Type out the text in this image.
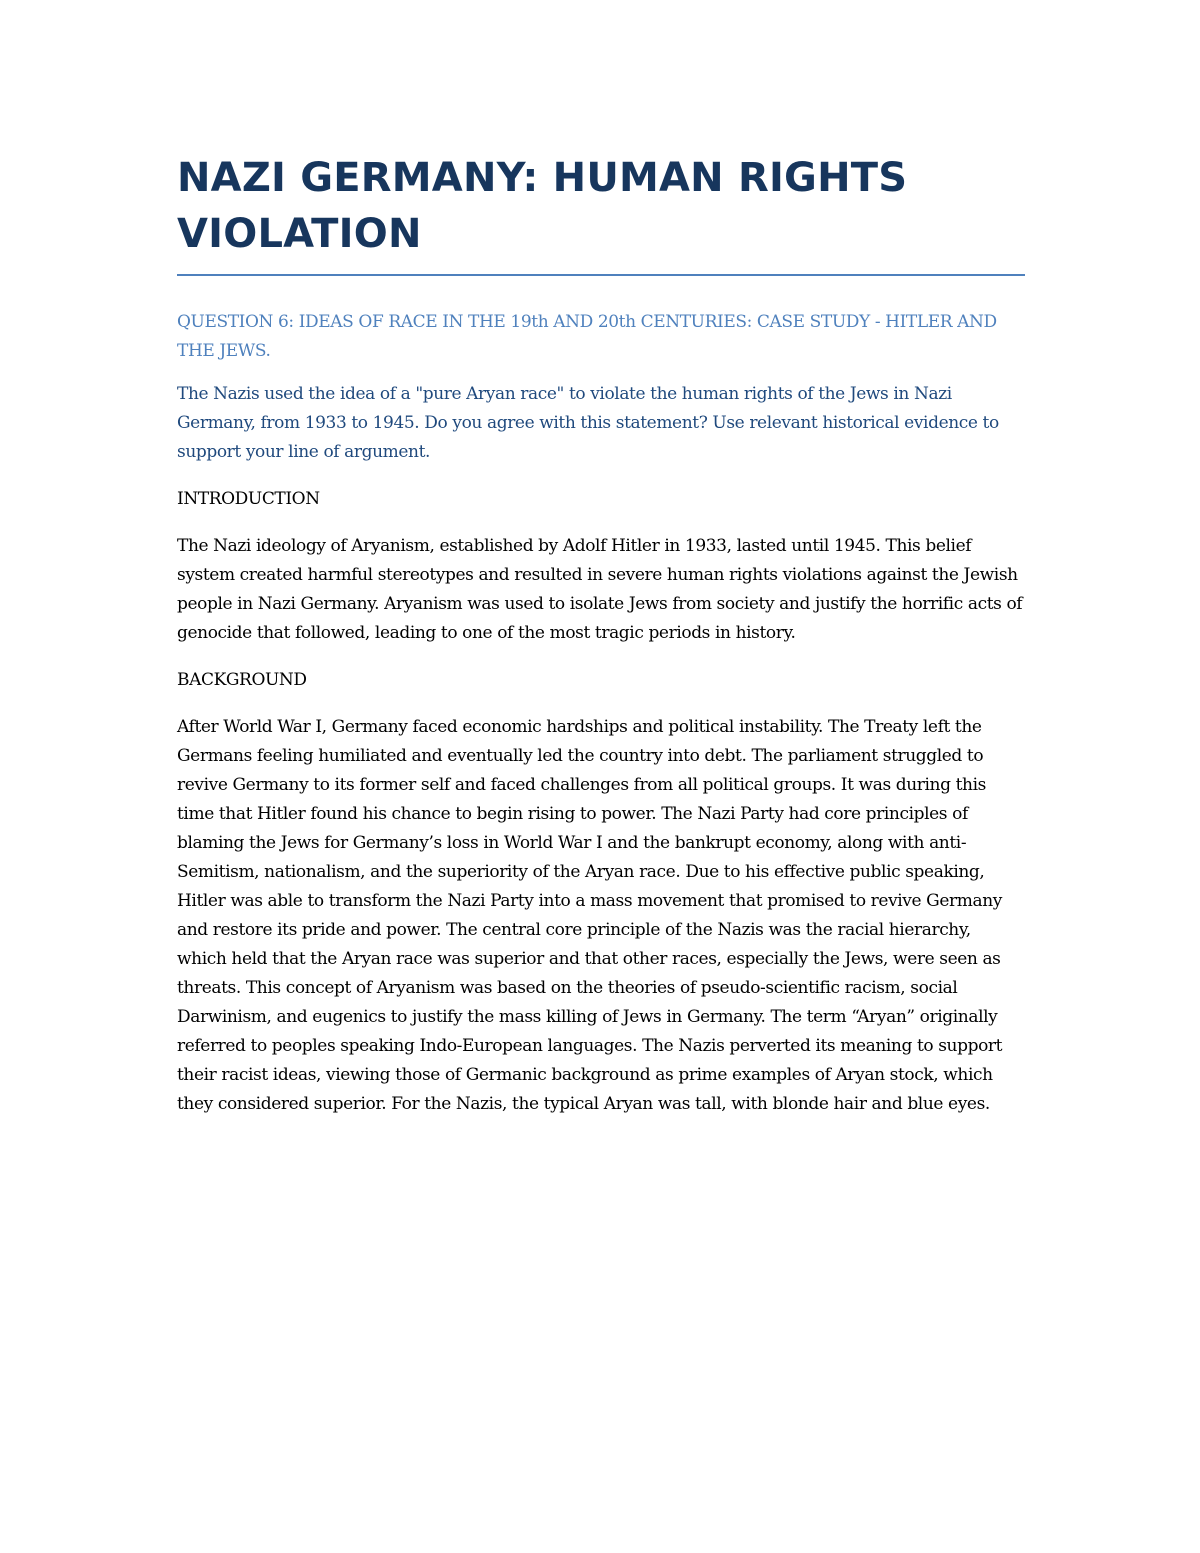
NAZI GERMANY: HUMAN RIGHTS VIOLATION

QUESTION 6: IDEAS OF RACE IN THE 19th AND 20th CENTURIES: CASE STUDY - HITLER AND THE JEWS.

The Nazis used the idea of a "pure Aryan race" to violate the human rights of the Jews in Nazi Germany, from 1933 to 1945. Do you agree with this statement? Use relevant historical evidence to support your line of argument.

INTRODUCTION

The Nazi ideology of Aryanism, established by Adolf Hitler in 1933, lasted until 1945. This belief system created harmful stereotypes and resulted in severe human rights violations against the Jewish people in Nazi Germany. Aryanism was used to isolate Jews from society and justify the horrific acts of genocide that followed, leading to one of the most tragic periods in history.

BACKGROUND

After World War I, Germany faced economic hardships and political instability. The Treaty left the Germans feeling humiliated and eventually led the country into debt. The parliament struggled to revive Germany to its former self and faced challenges from all political groups. It was during this time that Hitler found his chance to begin rising to power. The Nazi Party had core principles of blaming the Jews for Germany’s loss in World War I and the bankrupt economy, along with anti-Semitism, nationalism, and the superiority of the Aryan race. Due to his effective public speaking, Hitler was able to transform the Nazi Party into a mass movement that promised to revive Germany and restore its pride and power. The central core principle of the Nazis was the racial hierarchy, which held that the Aryan race was superior and that other races, especially the Jews, were seen as threats. This concept of Aryanism was based on the theories of pseudo-scientific racism, social Darwinism, and eugenics to justify the mass killing of Jews in Germany. The term “Aryan” originally referred to peoples speaking Indo-European languages. The Nazis perverted its meaning to support their racist ideas, viewing those of Germanic background as prime examples of Aryan stock, which they considered superior. For the Nazis, the typical Aryan was tall, with blonde hair and blue eyes.
